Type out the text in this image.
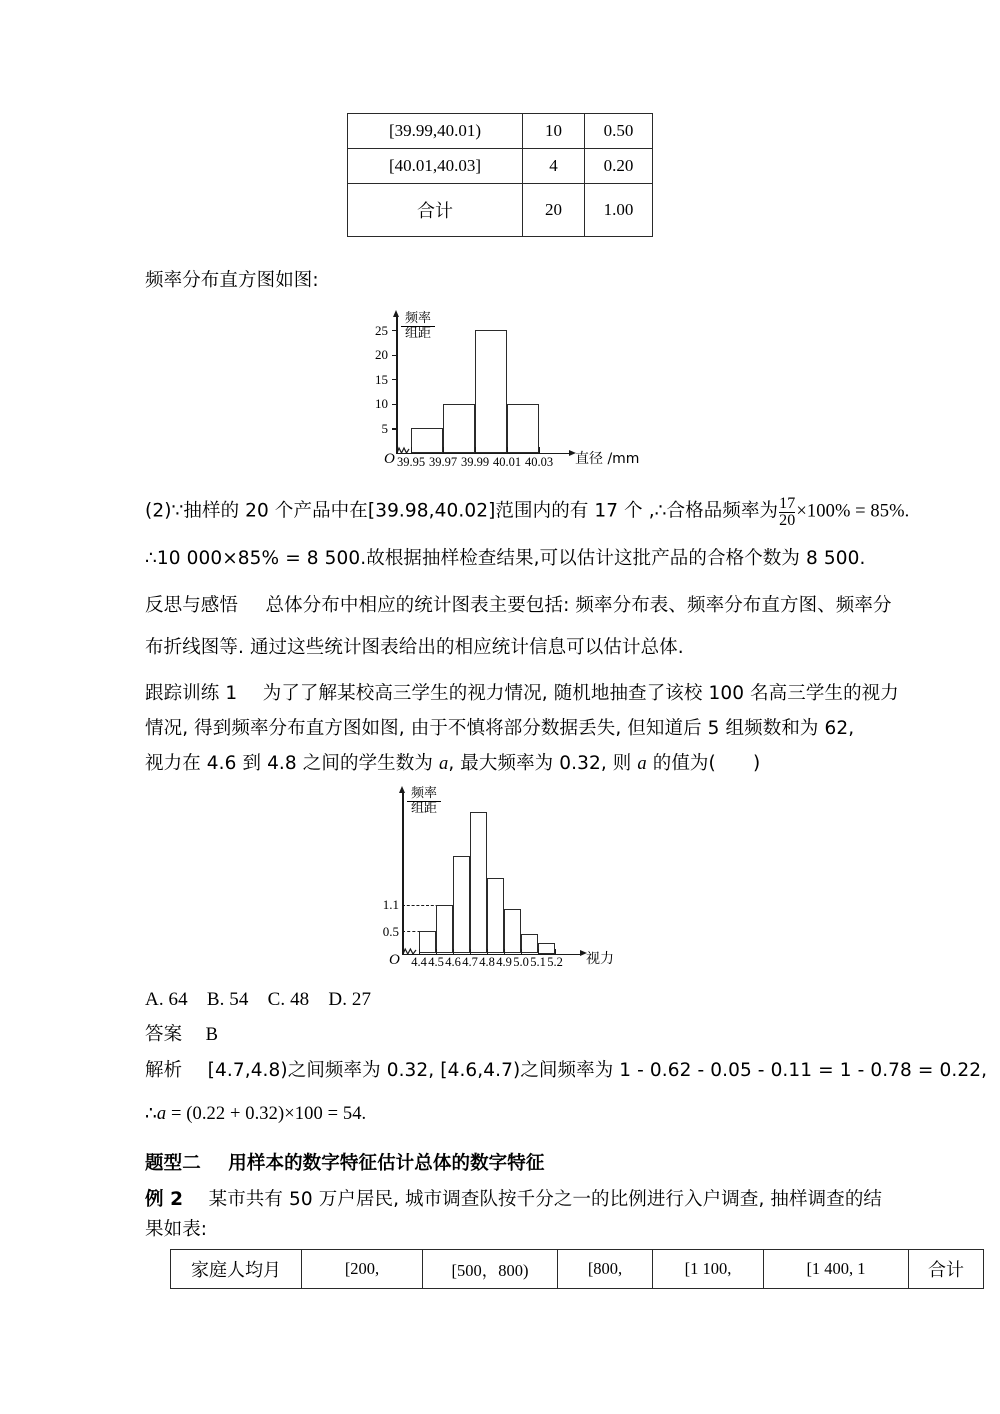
[39.99,40.01)	10	0.50
[40.01,40.03]	4	0.20
合计	20	1.00
频率分布直方图如图:
5
10
15
20
25
频率
组距
O 39.95 39.97 39.99 40.01 40.03	直径 /mm
(2)∵抽样的 20 个产品中在[39.98,40.02]范围内的有 17 个 ,∴合格品频率为$\frac{17}{20} \times 100\% = 85\%$.
∴10 000×85% = 8 500.故根据抽样检查结果,可以估计这批产品的合格个数为 8 500.
反思与感悟 总体分布中相应的统计图表主要包括: 频率分布表、频率分布直方图、频率分
布折线图等. 通过这些统计图表给出的相应统计信息可以估计总体.
跟踪训练 1 为了了解某校高三学生的视力情况, 随机地抽查了该校 100 名高三学生的视力
情况, 得到频率分布直方图如图, 由于不慎将部分数据丢失, 但知道后 5 组频数和为 62,
视力在 4.6 到 4.8 之间的学生数为 a, 最大频率为 0.32, 则 a 的值为(　　)
频率
组距
0.5
1.1
O 4.4 4.5 4.6 4.7 4.8 4.9 5.0 5.1 5.2 视力
A. 64　B. 54　C. 48　D. 27
答案 B
解析 [4.7,4.8)之间频率为 0.32, [4.6,4.7)之间频率为 1 - 0.62 - 0.05 - 0.11 = 1 - 0.78 = 0.22,
∴a = (0.22 + 0.32)×100 = 54.
题型二 用样本的数字特征估计总体的数字特征
例 2 某市共有 50 万户居民, 城市调查队按千分之一的比例进行入户调查, 抽样调查的结
果如表:
家庭人均月	[200,	[500，800)	[800,	[1 100,	[1 400, 1	合计
